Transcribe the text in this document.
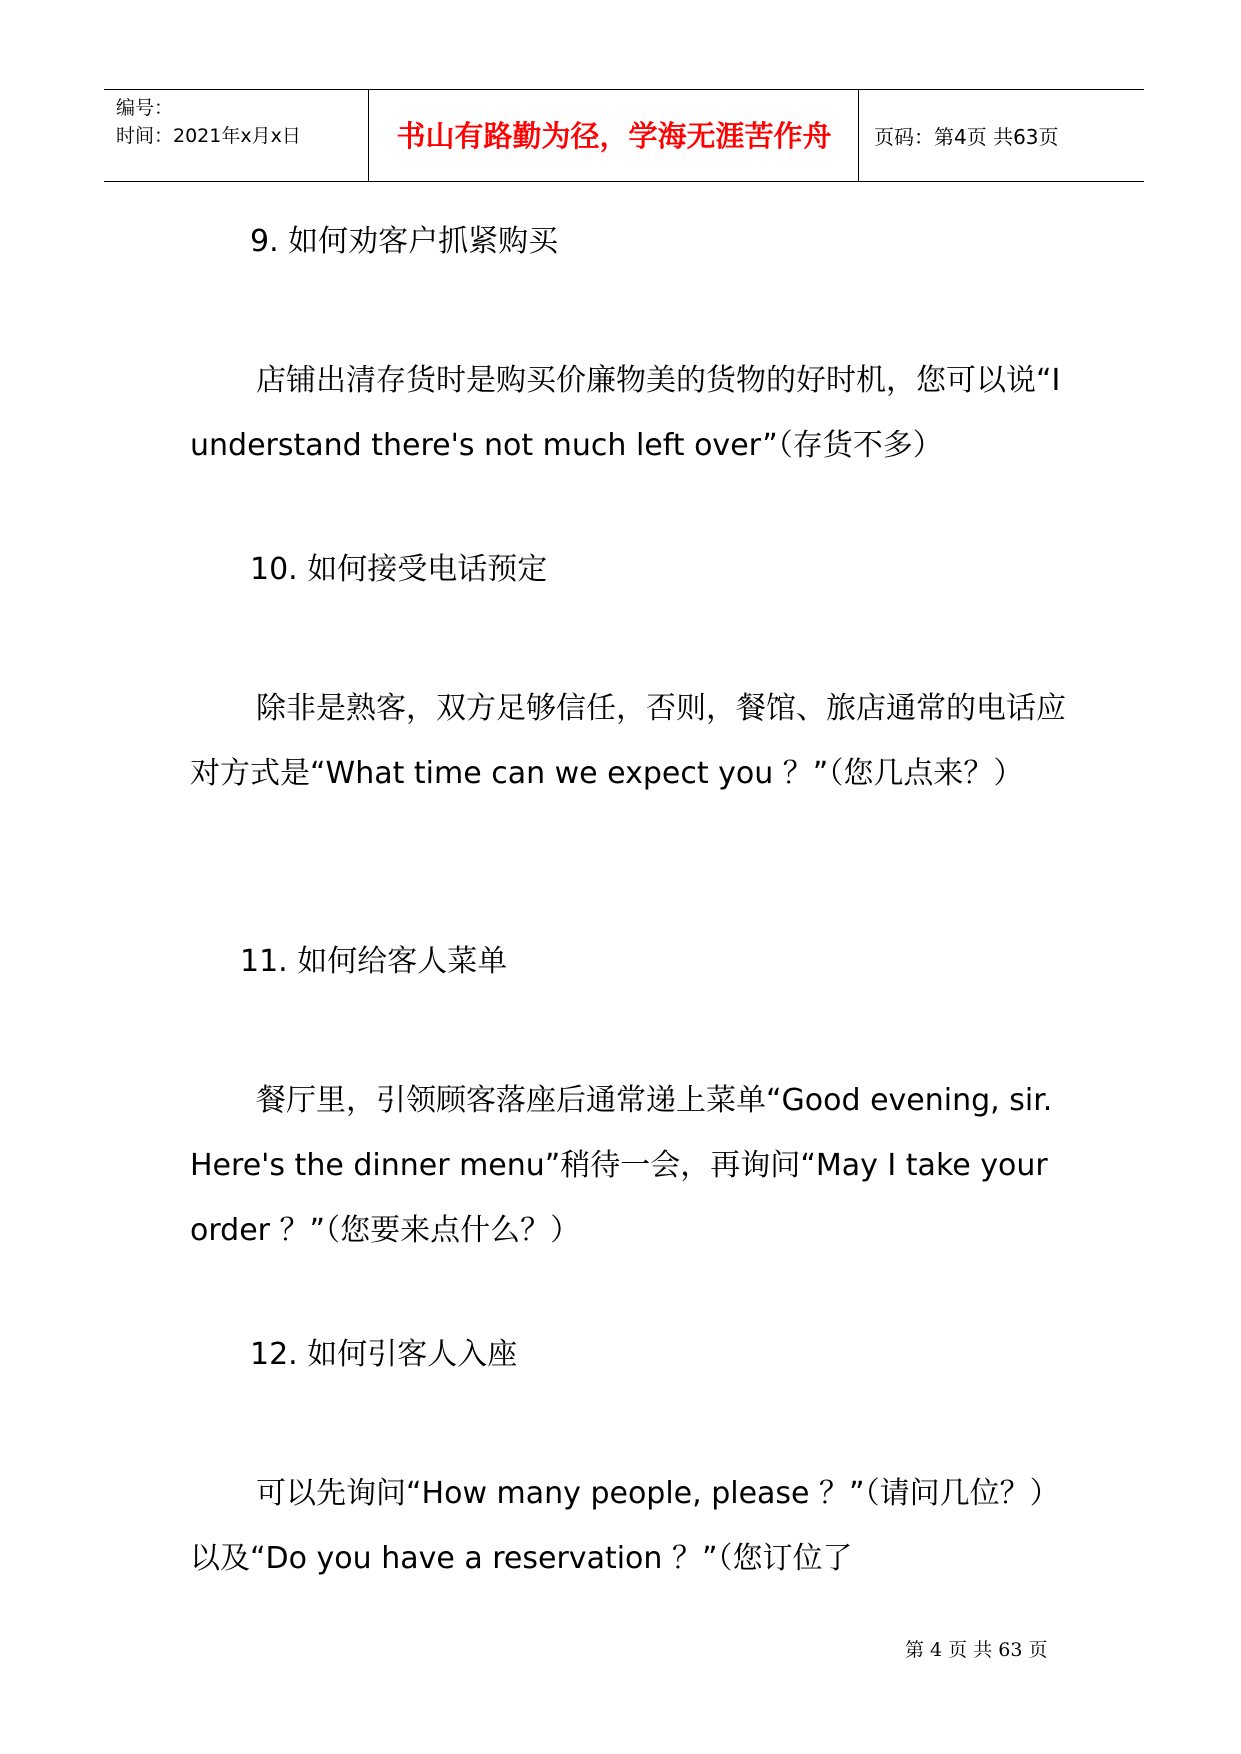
编号：
时间：2021年x月x日	书山有路勤为径，学海无涯苦作舟	页码：第4页 共63页
9. 如何劝客户抓紧购买

店铺出清存货时是购买价廉物美的货物的好时机，您可以说“I understand there's not much left over”（存货不多）

10. 如何接受电话预定

除非是熟客，双方足够信任，否则，餐馆、旅店通常的电话应对方式是“What time can we expect you ？”（您几点来？）

11. 如何给客人菜单

餐厅里，引领顾客落座后通常递上菜单“Good evening, sir. Here's the dinner menu”稍待一会，再询问“May I take your order ？”（您要来点什么？）

12. 如何引客人入座

可以先询问“How many people, please ？”（请问几位？）以及“Do you have a reservation ？”（您订位了

第 4 页 共 63 页
